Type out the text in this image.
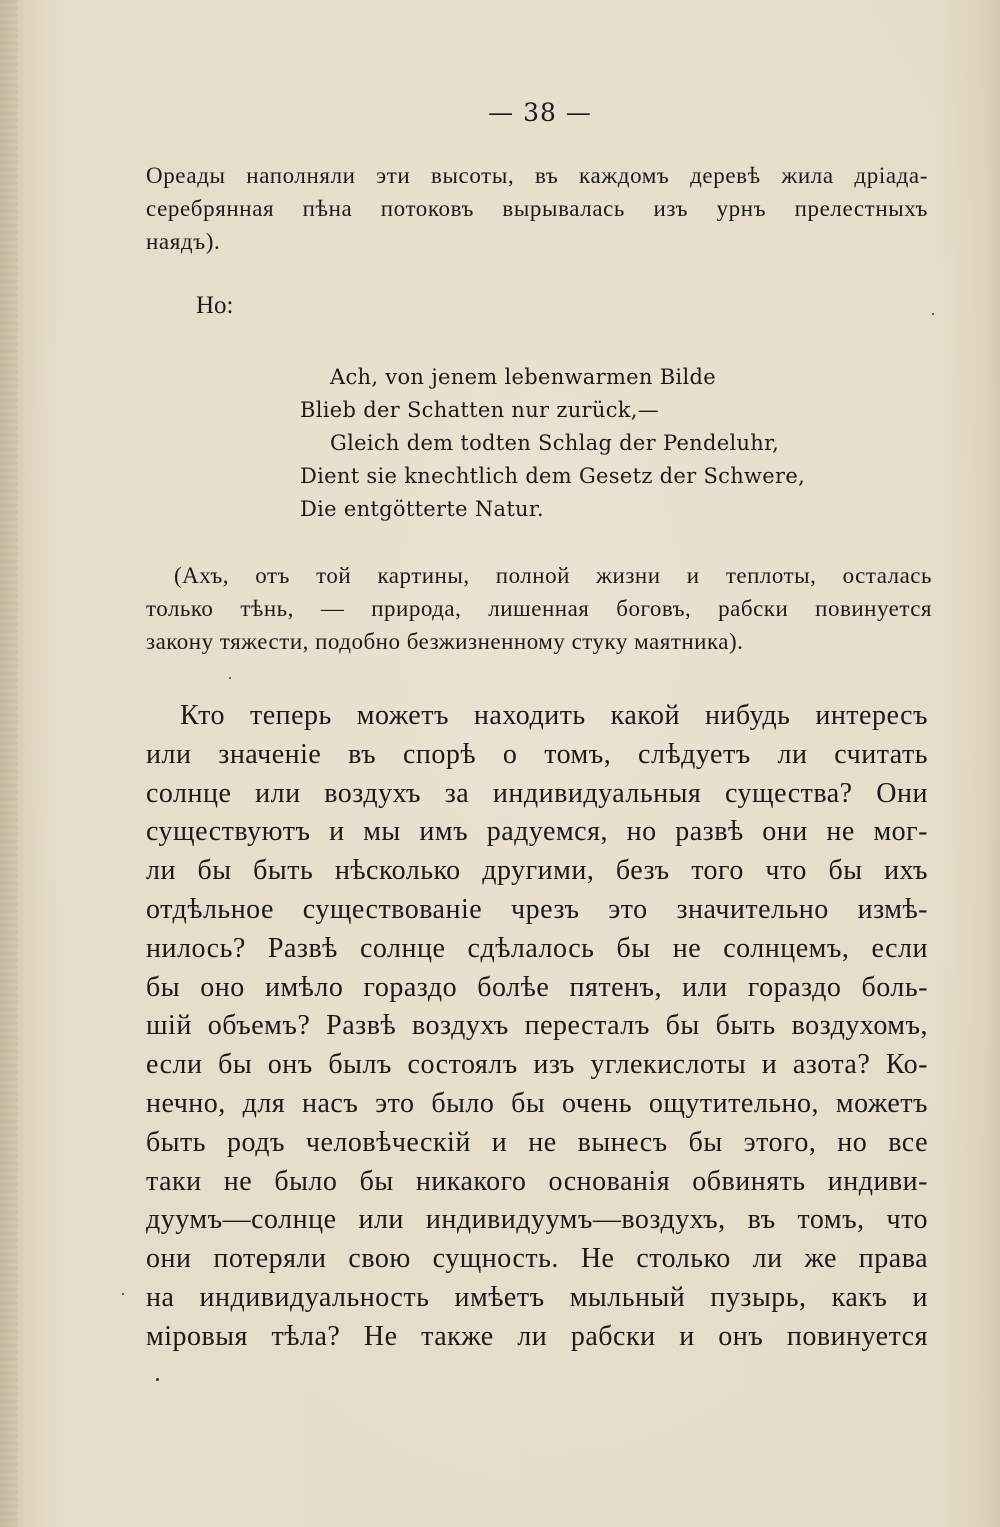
— 38 —
Ореады наполняли эти высоты, въ каждомъ деревѣ жила дріада-
серебрянная пѣна потоковъ вырывалась изъ урнъ прелестныхъ
наядъ).
Но:
Ach, von jenem lebenwarmen Bilde
Blieb der Schatten nur zurück,—
Gleich dem todten Schlag der Pendeluhr,
Dient sie knechtlich dem Gesetz der Schwere,
Die entgötterte Natur.
(Ахъ, отъ той картины, полной жизни и теплоты, осталась
только тѣнь, — природа, лишенная боговъ, рабски повинуется
закону тяжести, подобно безжизненному стуку маятника).
Кто теперь можетъ находить какой нибудь интересъ
или значеніе въ спорѣ о томъ, слѣдуетъ ли считать
солнце или воздухъ за индивидуальныя существа? Они
существуютъ и мы имъ радуемся, но развѣ они не мог-
ли бы быть нѣсколько другими, безъ того что бы ихъ
отдѣльное существованіе чрезъ это значительно измѣ-
нилось? Развѣ солнце сдѣлалось бы не солнцемъ, если
бы оно имѣло гораздо болѣе пятенъ, или гораздо боль-
шій объемъ? Развѣ воздухъ пересталъ бы быть воздухомъ,
если бы онъ былъ состоялъ изъ углекислоты и азота? Ко-
нечно, для насъ это было бы очень ощутительно, можетъ
быть родъ человѣческій и не вынесъ бы этого, но все
таки не было бы никакого основанія обвинять индиви-
дуумъ—солнце или индивидуумъ—воздухъ, въ томъ, что
они потеряли свою сущность. Не столько ли же права
на индивидуальность имѣетъ мыльный пузырь, какъ и
міровыя тѣла? Не также ли рабски и онъ повинуется
